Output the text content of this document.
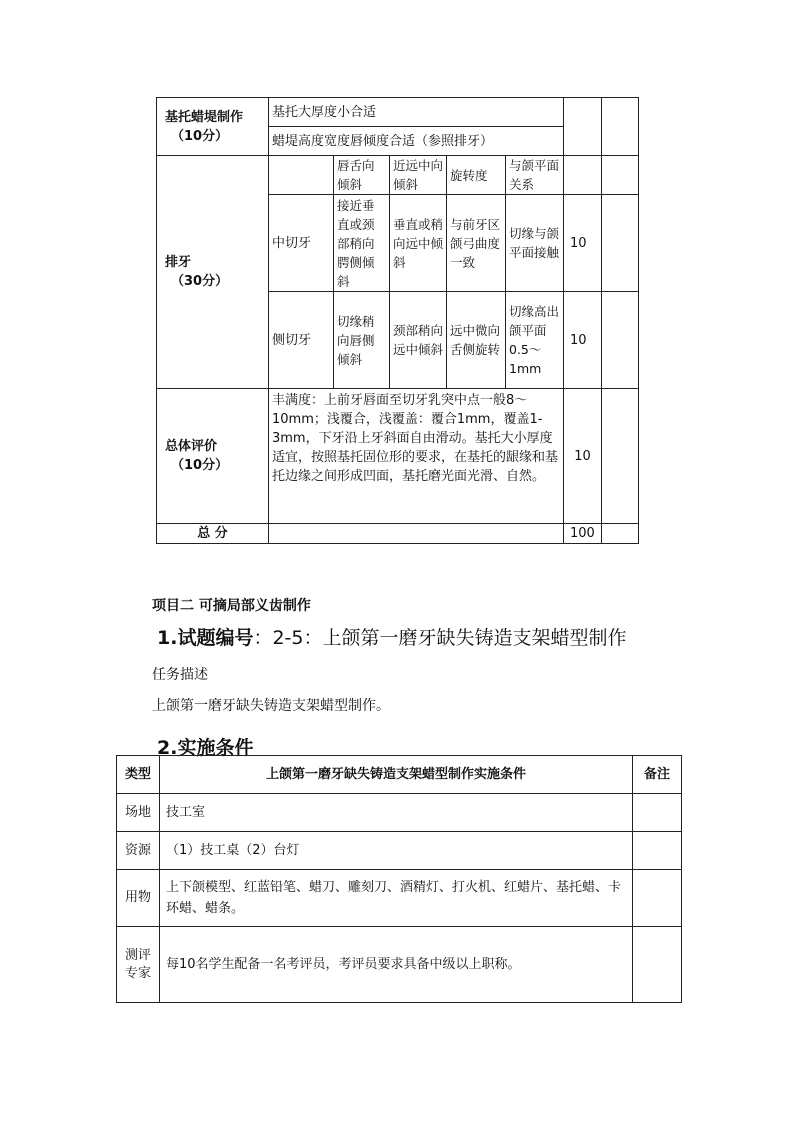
基托蜡堤制作
（10分）	基托大厚度小合适						
	蜡堤高度宽度唇倾度合适（参照排牙）						
排牙
（30分）		唇舌向倾斜	近远中向倾斜	旋转度	与颌平面关系		
	中切牙	接近垂直或颈部稍向腭侧倾斜	垂直或稍向远中倾斜	与前牙区颌弓曲度一致	切缘与颌平面接触	10	
	侧切牙	切缘稍向唇侧倾斜	颈部稍向远中倾斜	远中微向舌侧旋转	切缘高出颌平面0.5～1mm	10	
总体评价
（10分）	丰满度：上前牙唇面至切牙乳突中点一般8～10mm；浅覆合，浅覆盖：覆合1mm，覆盖1-3mm，下牙沿上牙斜面自由滑动。基托大小厚度适宜，按照基托固位形的要求，在基托的龈缘和基托边缘之间形成凹面，基托磨光面光滑、自然。					10	
总 分						100	
项目二 可摘局部义齿制作
1.试题编号：2-5：上颌第一磨牙缺失铸造支架蜡型制作
任务描述
上颌第一磨牙缺失铸造支架蜡型制作。
2.实施条件
类型	上颌第一磨牙缺失铸造支架蜡型制作实施条件	备注
场地	技工室	
资源	（1）技工桌（2）台灯	
用物	上下颌模型、红蓝铅笔、蜡刀、雕刻刀、酒精灯、打火机、红蜡片、基托蜡、卡环蜡、蜡条。	
测评专家	每10名学生配备一名考评员，考评员要求具备中级以上职称。	
